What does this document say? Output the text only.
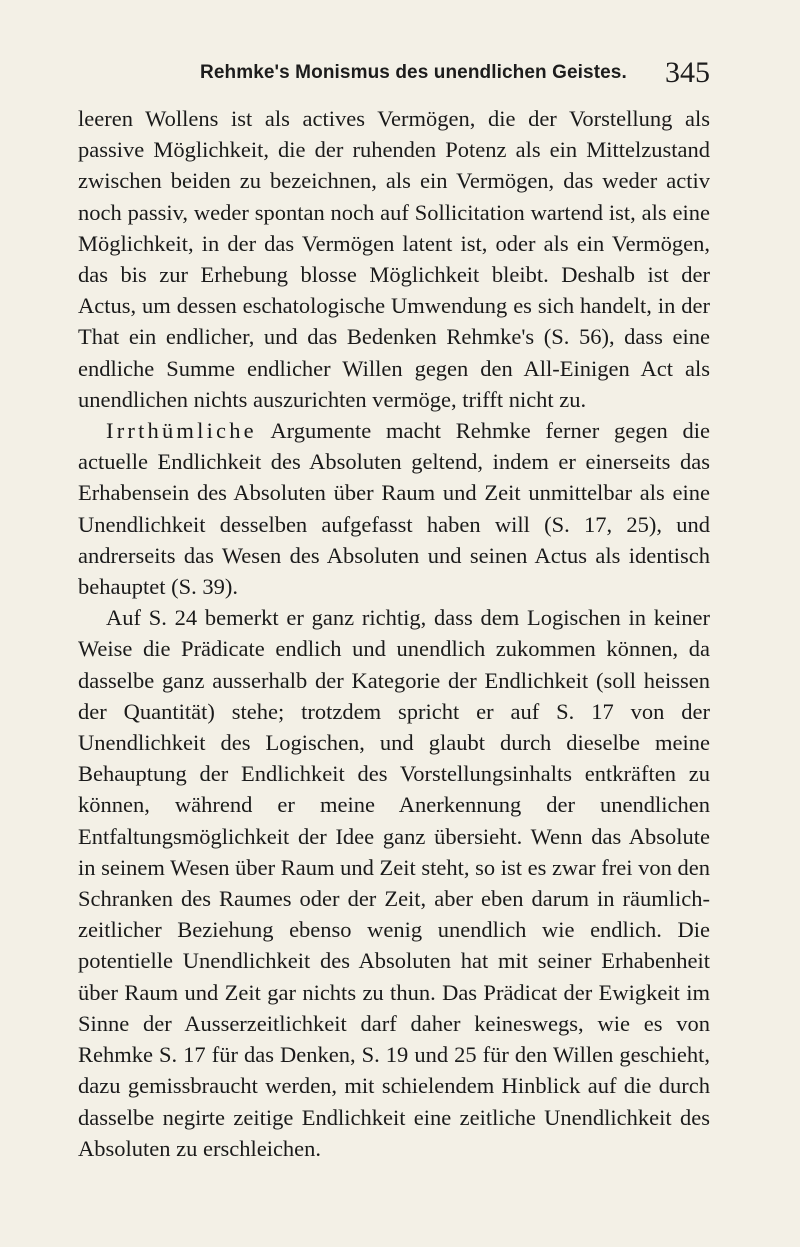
Rehmke's Monismus des unendlichen Geistes. 345

leeren Wollens ist als actives Vermögen, die der Vorstellung als passive Möglichkeit, die der ruhenden Potenz als ein Mittelzustand zwischen beiden zu bezeichnen, als ein Vermögen, das weder activ noch passiv, weder spontan noch auf Sollicitation wartend ist, als eine Möglichkeit, in der das Vermögen latent ist, oder als ein Vermögen, das bis zur Erhebung blosse Möglichkeit bleibt. Deshalb ist der Actus, um dessen eschatologische Umwendung es sich handelt, in der That ein endlicher, und das Bedenken Rehmke's (S. 56), dass eine endliche Summe endlicher Willen gegen den All-Einigen Act als unendlichen nichts auszurichten vermöge, trifft nicht zu.

Irrthümliche Argumente macht Rehmke ferner gegen die actuelle Endlichkeit des Absoluten geltend, indem er einerseits das Erhabensein des Absoluten über Raum und Zeit unmittelbar als eine Unendlichkeit desselben aufgefasst haben will (S. 17, 25), und andrerseits das Wesen des Absoluten und seinen Actus als identisch behauptet (S. 39).

Auf S. 24 bemerkt er ganz richtig, dass dem Logischen in keiner Weise die Prädicate endlich und unendlich zukommen können, da dasselbe ganz ausserhalb der Kategorie der Endlichkeit (soll heissen der Quantität) stehe; trotzdem spricht er auf S. 17 von der Unendlichkeit des Logischen, und glaubt durch dieselbe meine Behauptung der Endlichkeit des Vorstellungsinhalts entkräften zu können, während er meine Anerkennung der unendlichen Entfaltungsmöglichkeit der Idee ganz übersieht. Wenn das Absolute in seinem Wesen über Raum und Zeit steht, so ist es zwar frei von den Schranken des Raumes oder der Zeit, aber eben darum in räumlich-zeitlicher Beziehung ebenso wenig unendlich wie endlich. Die potentielle Unendlichkeit des Absoluten hat mit seiner Erhabenheit über Raum und Zeit gar nichts zu thun. Das Prädicat der Ewigkeit im Sinne der Ausserzeitlichkeit darf daher keineswegs, wie es von Rehmke S. 17 für das Denken, S. 19 und 25 für den Willen geschieht, dazu gemissbraucht werden, mit schielendem Hinblick auf die durch dasselbe negirte zeitige Endlichkeit eine zeitliche Unendlichkeit des Absoluten zu erschleichen.
